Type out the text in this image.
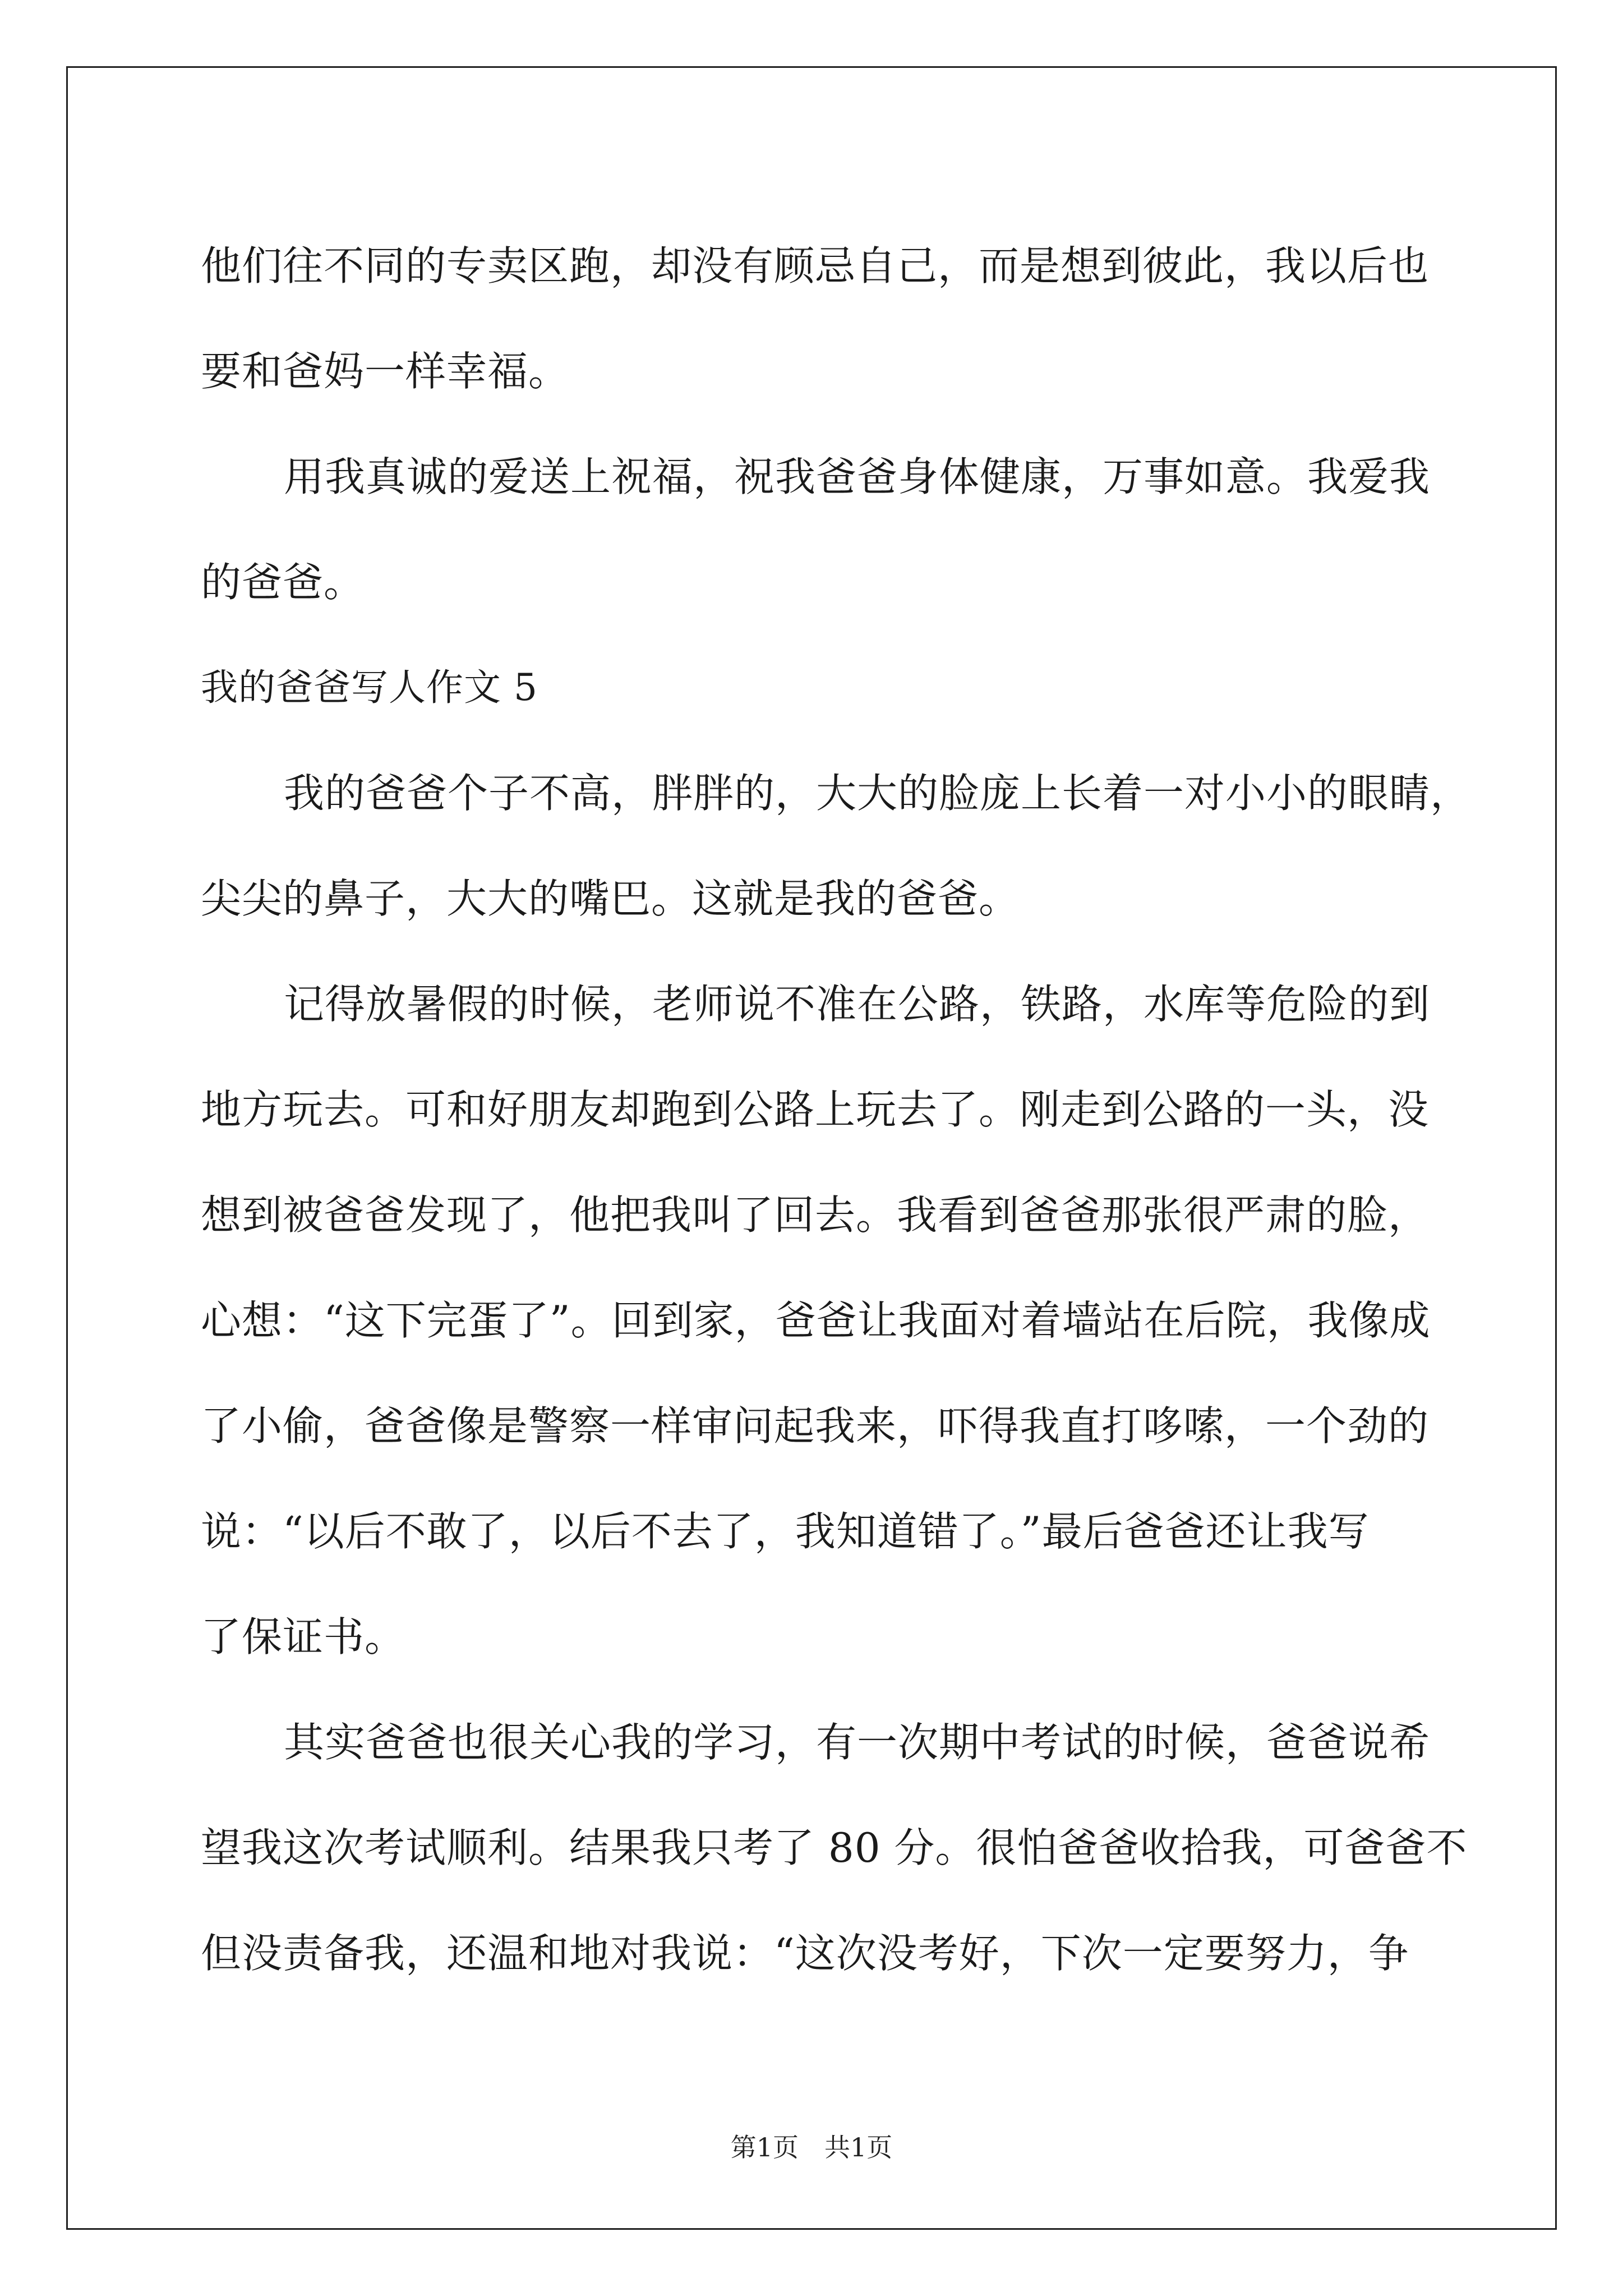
他们往不同的专卖区跑，却没有顾忌自己，而是想到彼此，我以后也
要和爸妈一样幸福。
用我真诚的爱送上祝福，祝我爸爸身体健康，万事如意。我爱我
的爸爸。
我的爸爸写人作文 5
我的爸爸个子不高，胖胖的，大大的脸庞上长着一对小小的眼睛，
尖尖的鼻子，大大的嘴巴。这就是我的爸爸。
记得放暑假的时候，老师说不准在公路，铁路，水库等危险的到
地方玩去。可和好朋友却跑到公路上玩去了。刚走到公路的一头，没
想到被爸爸发现了，他把我叫了回去。我看到爸爸那张很严肃的脸，
心想：“这下完蛋了”。回到家，爸爸让我面对着墙站在后院，我像成
了小偷，爸爸像是警察一样审问起我来，吓得我直打哆嗦，一个劲的
说：“以后不敢了，以后不去了，我知道错了。”最后爸爸还让我写
了保证书。
其实爸爸也很关心我的学习，有一次期中考试的时候，爸爸说希
望我这次考试顺利。结果我只考了 80 分。很怕爸爸收拾我，可爸爸不
但没责备我，还温和地对我说：“这次没考好，下次一定要努力，争
第1页　共1页
